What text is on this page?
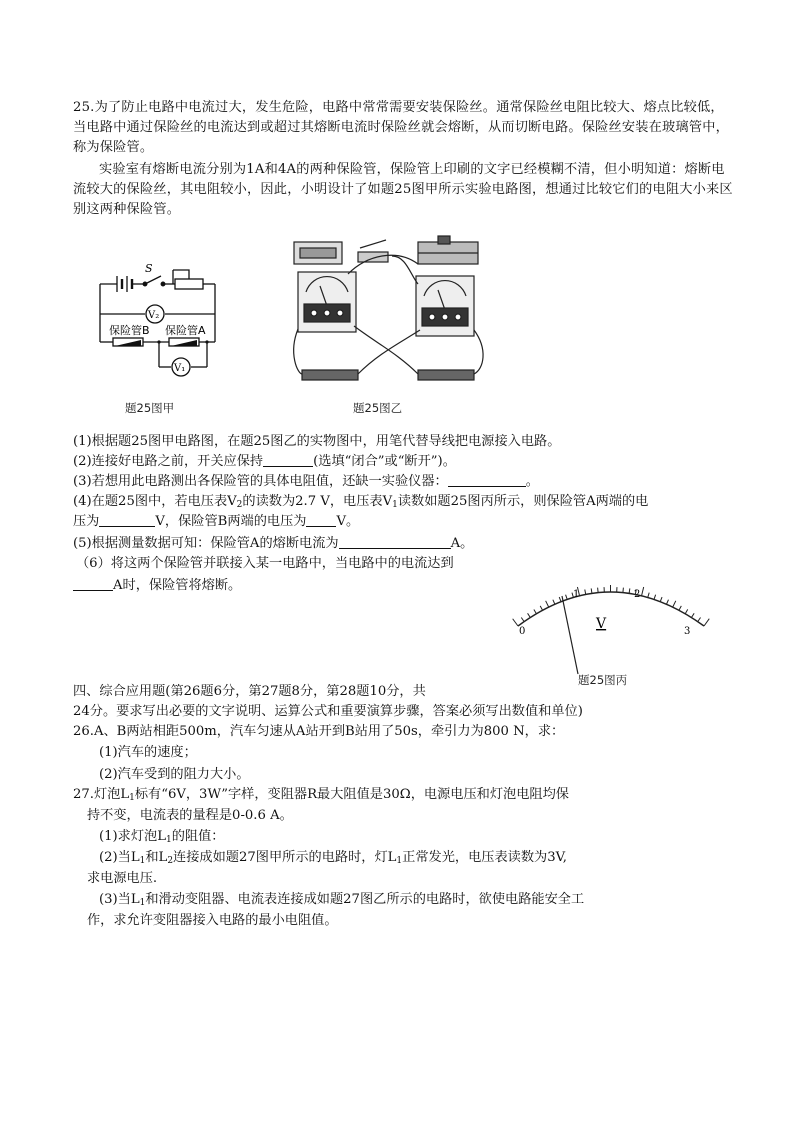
25.为了防止电路中电流过大，发生危险，电路中常常需要安装保险丝。通常保险丝电阻比较大、熔点比较低，当电路中通过保险丝的电流达到或超过其熔断电流时保险丝就会熔断，从而切断电路。保险丝安装在玻璃管中，称为保险管。
实验室有熔断电流分别为1A和4A的两种保险管，保险管上印刷的文字已经模糊不清，但小明知道：熔断电流较大的保险丝，其电阻较小，因此，小明设计了如题25图甲所示实验电路图，想通过比较它们的电阻大小来区别这两种保险管。
S
V₂
V₁
保险管B 保险管A
题25图甲	题25图乙
(1)根据题25图甲电路图，在题25图乙的实物图中，用笔代替导线把电源接入电路。
(2)连接好电路之前，开关应保持	(选填“闭合”或“断开”)。
(3)若想用此电路测出各保险管的具体电阻值，还缺一实验仪器：	。
(4)在题25图中，若电压表$V_2$的读数为2.7 V，电压表$V_1$读数如题25图丙所示，则保险管A两端的电
压为	V，保险管B两端的电压为 V。
(5)根据测量数据可知：保险管A的熔断电流为	A。
（6）将这两个保险管并联接入某一电路中，当电路中的电流达到
A时，保险管将熔断。
0
1	2
3
V
题25图丙
四、综合应用题(第26题6分，第27题8分，第28题10分，共
24分。要求写出必要的文字说明、运算公式和重要演算步骤，答案必须写出数值和单位)
26.A、B两站相距500m，汽车匀速从A站开到B站用了50s，牵引力为800 N，求：
(1)汽车的速度；
(2)汽车受到的阻力大小。
27.灯泡$L_1$标有“6V，3W”字样，变阻器R最大阻值是30Ω，电源电压和灯泡电阻均保
持不变，电流表的量程是0-0.6 A。
(1)求灯泡$L_1$的阻值：
(2)当$L_1$和$L_2$连接成如题27图甲所示的电路时，灯$L_1$正常发光，电压表读数为3V,
求电源电压.
(3)当$L_1$和滑动变阻器、电流表连接成如题27图乙所示的电路时，欲使电路能安全工
作，求允许变阻器接入电路的最小电阻值。
